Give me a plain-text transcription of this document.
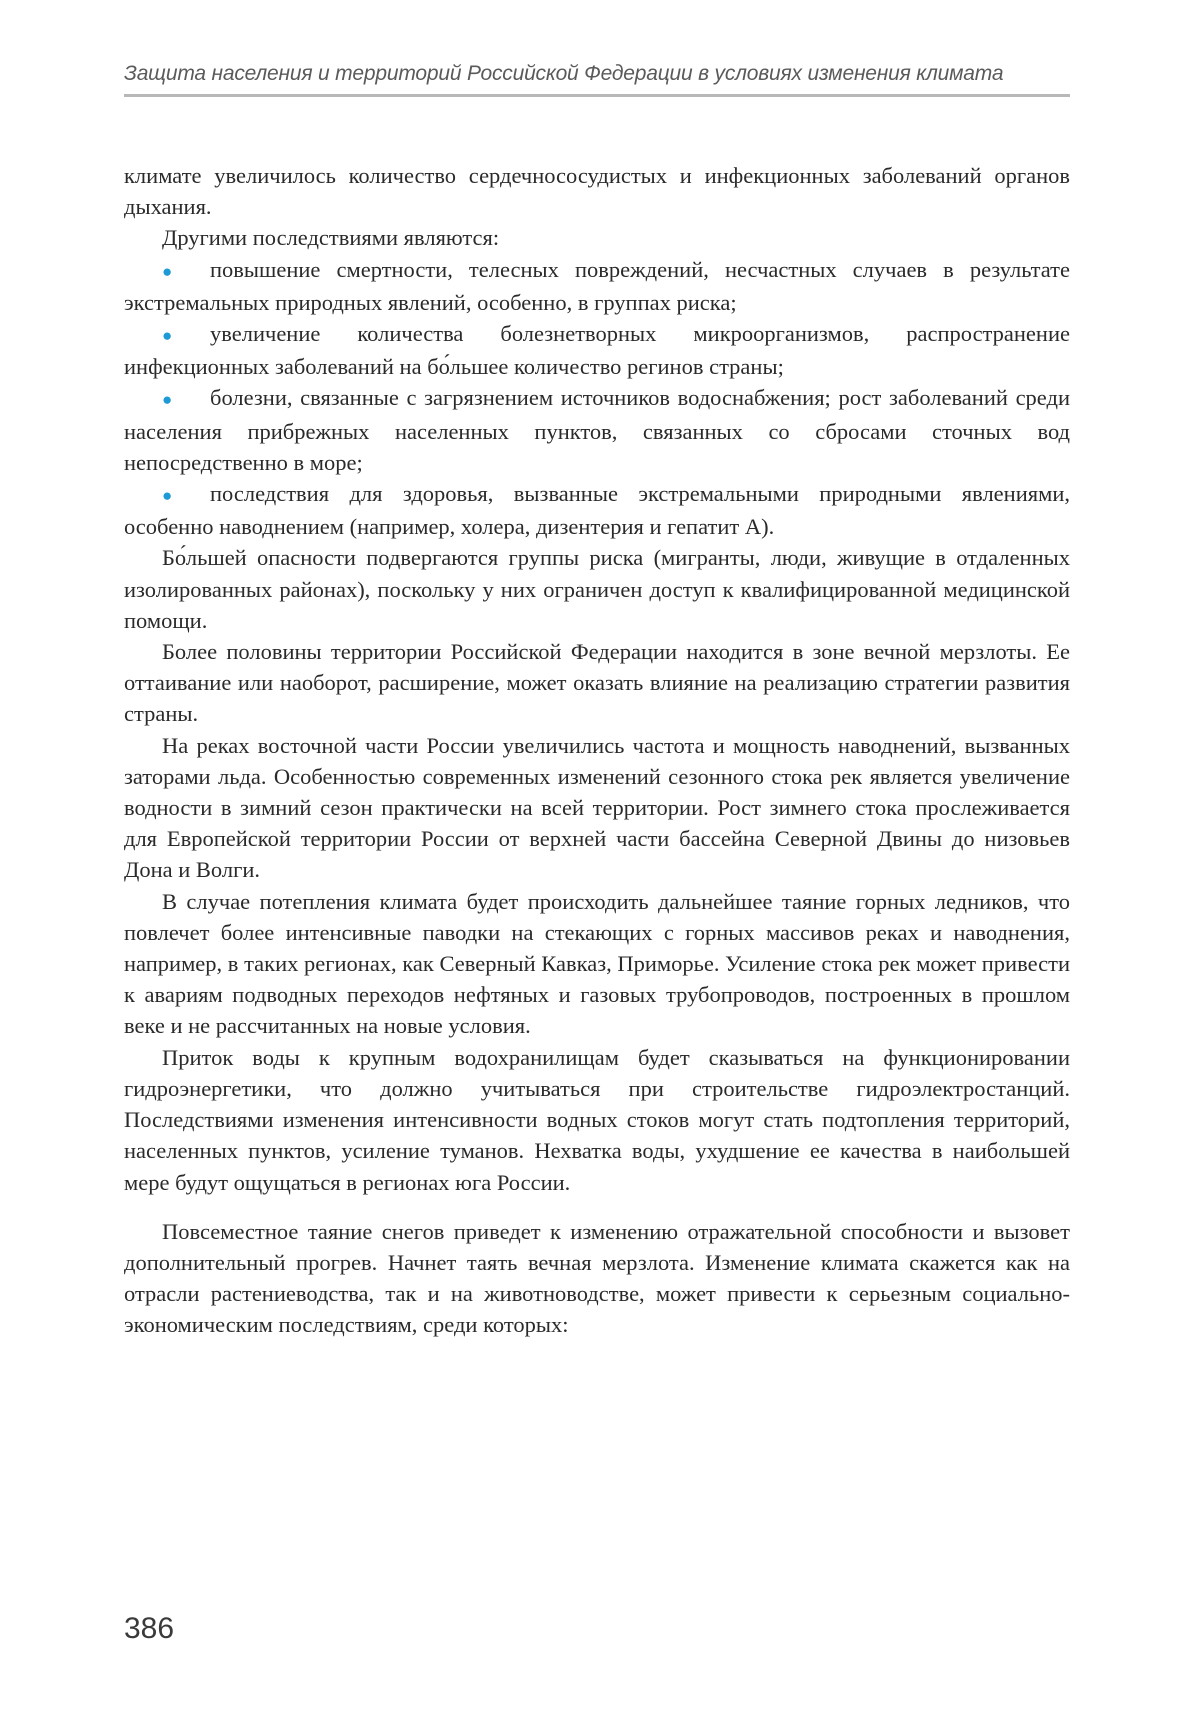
Защита населения и территорий Российской Федерации в условиях изменения климата

климате увеличилось количество сердечнососудистых и инфекционных заболеваний органов дыхания.

Другими последствиями являются:

● повышение смертности, телесных повреждений, несчастных случаев в результате экстремальных природных явлений, особенно, в группах риска;

● увеличение количества болезнетворных микроорганизмов, распространение инфекционных заболеваний на бо́льшее количество регинов страны;

● болезни, связанные с загрязнением источников водоснабжения; рост заболеваний среди населения прибрежных населенных пунктов, связанных со сбросами сточных вод непосредственно в море;

● последствия для здоровья, вызванные экстремальными природными явлениями, особенно наводнением (например, холера, дизентерия и гепатит А).

Бо́льшей опасности подвергаются группы риска (мигранты, люди, живущие в отдаленных изолированных районах), поскольку у них ограничен доступ к квалифицированной медицинской помощи.

Более половины территории Российской Федерации находится в зоне вечной мерзлоты. Ее оттаивание или наоборот, расширение, может оказать влияние на реализацию стратегии развития страны.

На реках восточной части России увеличились частота и мощность наводнений, вызванных заторами льда. Особенностью современных изменений сезонного стока рек является увеличение водности в зимний сезон практически на всей территории. Рост зимнего стока прослеживается для Европейской территории России от верхней части бассейна Северной Двины до низовьев Дона и Волги.

В случае потепления климата будет происходить дальнейшее таяние горных ледников, что повлечет более интенсивные паводки на стекающих с горных массивов реках и наводнения, например, в таких регионах, как Северный Кавказ, Приморье. Усиление стока рек может привести к авариям подводных переходов нефтяных и газовых трубопроводов, построенных в прошлом веке и не рассчитанных на новые условия.

Приток воды к крупным водохранилищам будет сказываться на функционировании гидроэнергетики, что должно учитываться при строительстве гидроэлектростанций. Последствиями изменения интенсивности водных стоков могут стать подтопления территорий, населенных пунктов, усиление туманов. Нехватка воды, ухудшение ее качества в наибольшей мере будут ощущаться в регионах юга России.

Повсеместное таяние снегов приведет к изменению отражательной способности и вызовет дополнительный прогрев. Начнет таять вечная мерзлота. Изменение климата скажется как на отрасли растениеводства, так и на животноводстве, может привести к серьезным социально-экономическим последствиям, среди которых:

386
